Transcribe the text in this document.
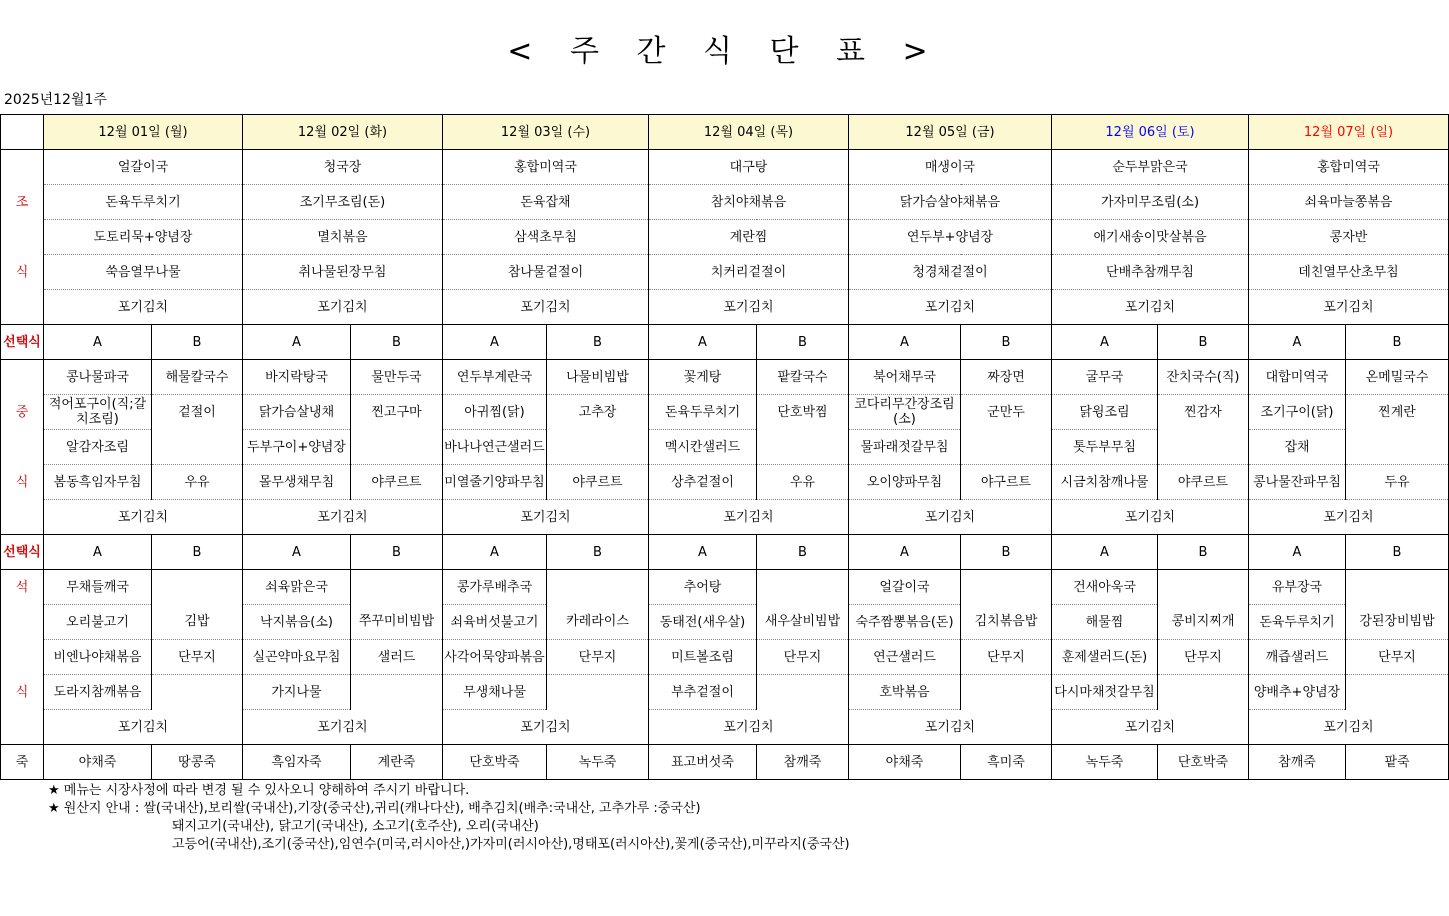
< 주 간 식 단 표 >
2025년12월1주
	12월 01일 (월)		12월 02일 (화)		12월 03일 (수)		12월 04일 (목)		12월 05일 (금)		12월 06일 (토)		12월 07일 (일)	
	얼갈이국		청국장		홍합미역국		대구탕		매생이국		순두부맑은국		홍합미역국	
조	돈육두루치기		조기무조림(돈)		돈육잡채		참치야채볶음		닭가슴살야채볶음		가자미무조림(소)		쇠육마늘쫑볶음	
	도토리묵+양념장		멸치볶음		삼색초무침		계란찜		연두부+양념장		애기새송이맛살볶음		콩자반	
식	쑥음열무나물		취나물된장무침		참나물겉절이		치커리겉절이		청경채겉절이		단배추참깨무침		데친열무산초무침	
	포기김치		포기김치		포기김치		포기김치		포기김치		포기김치		포기김치	
선택식	A	B	A	B	A	B	A	B	A	B	A	B	A	B
	콩나물파국	해물칼국수	바지락탕국	물만두국	연두부계란국	나물비빔밥	꽃게탕	팥칼국수	북어채무국	짜장면	굴무국	잔치국수(직)	대합미역국	온메밀국수
중	적어포구이(직;갈치조림)	겉절이	닭가슴살냉채	찐고구마	아귀찜(닭)	고추장	돈육두루치기	단호박찜	코다리무간장조림(소)	군만두	닭윙조림	찐감자	조기구이(닭)	찐계란
	알감자조림		두부구이+양념장		바나나연근샐러드		멕시칸샐러드		물파래젓갈무침		톳두부무침		잡채	
식	봄동흑임자무침	우유	몰무생채무침	야쿠르트	미열줄기양파무침	야쿠르트	상추겉절이	우유	오이양파무침	야구르트	시금치참깨나물	야쿠르트	콩나물잔파무침	두유
	포기김치		포기김치		포기김치		포기김치		포기김치		포기김치		포기김치	
선택식	A	B	A	B	A	B	A	B	A	B	A	B	A	B
석	무채들깨국		쇠육맑은국		콩가루배추국		추어탕		얼갈이국		건새아욱국		유부장국	
	오리불고기	김밥	낙지볶음(소)	쭈꾸미비빔밥	쇠육버섯불고기	카레라이스	동태전(새우살)	새우살비빔밥	숙주짬뽕볶음(돈)	김치볶음밥	해물찜	콩비지찌개	돈육두루치기	강된장비빔밥
	비엔나야채볶음	단무지	실곤약마요무침	샐러드	사각어묵양파볶음	단무지	미트볼조림	단무지	연근샐러드	단무지	훈제샐러드(돈)	단무지	깨즙샐러드	단무지
식	도라지참깨볶음		가지나물		무생채나물		부추겉절이		호박볶음		다시마채젓갈무침		양배추+양념장	
	포기김치		포기김치		포기김치		포기김치		포기김치		포기김치		포기김치	
죽	야채죽	땅콩죽	흑임자죽	계란죽	단호박죽	녹두죽	표고버섯죽	참깨죽	야채죽	흑미죽	녹두죽	단호박죽	참깨죽	팥죽
★ 메뉴는 시장사정에 따라 변경 될 수 있사오니 양해하여 주시기 바랍니다.
★ 원산지 안내 : 쌀(국내산),보리쌀(국내산),기장(중국산),귀리(캐나다산), 배추김치(배추:국내산, 고추가루 :중국산)
돼지고기(국내산), 닭고기(국내산), 소고기(호주산), 오리(국내산)
고등어(국내산),조기(중국산),임연수(미국,러시아산,)가자미(러시아산),명태포(러시아산),꽃게(중국산),미꾸라지(중국산)
